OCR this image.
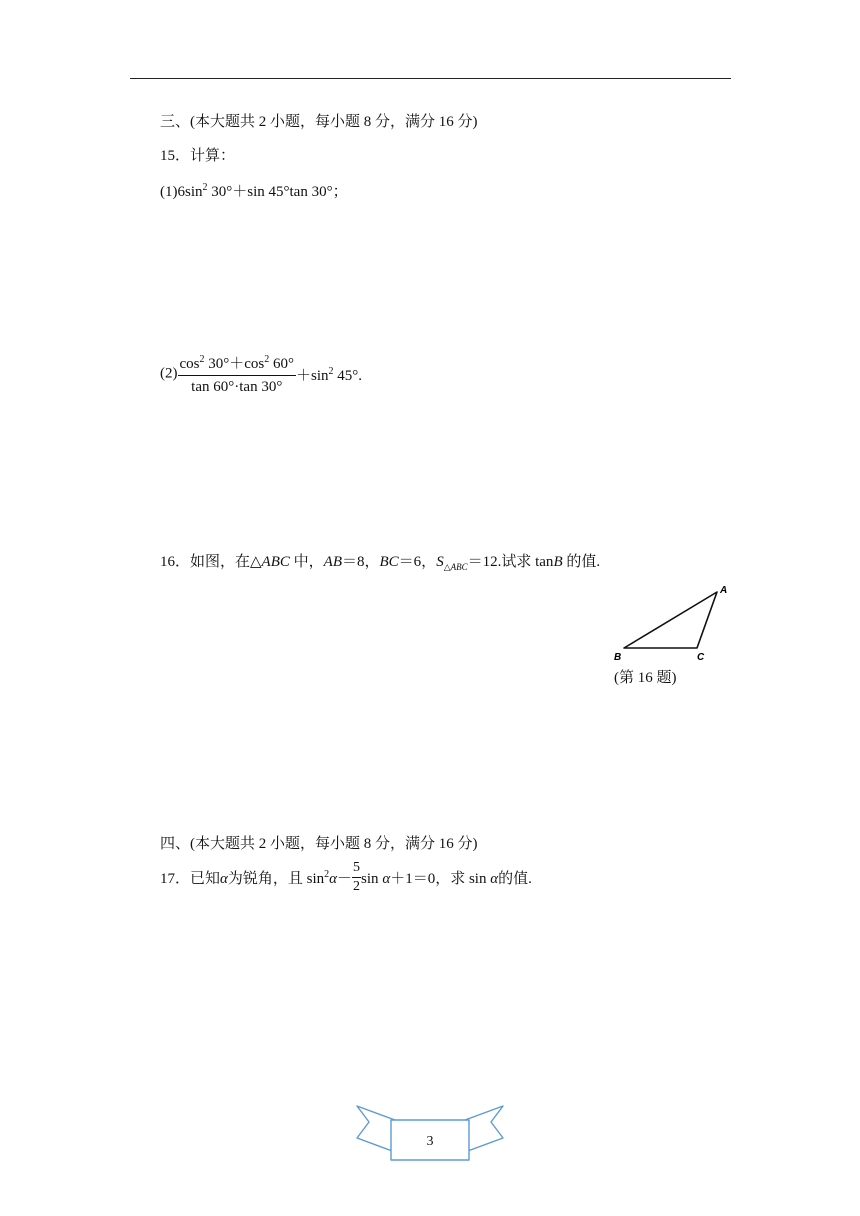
三、(本大题共 2 小题，每小题 8 分，满分 16 分)
15．计算：
$(1)6\sin^2$ 30°＋sin 45°tan 30°；
$(2) \frac{\cos^2 30^\circ+\cos^2 60^\circ}{\tan 60^\circ\cdot\tan 30^\circ} +\sin^2$ 45°.
16．如图，在△ABC 中，AB＝8，BC＝6，$S_{\triangle ABC}=12$.试求 tanB 的值.
A
B	C
(第 16 题)
四、(本大题共 2 小题，每小题 8 分，满分 16 分)
17．已知α为锐角，且 $\sin^2\alpha- \frac{5}{2}$ sin α＋1＝0，求 sin α的值.
3
